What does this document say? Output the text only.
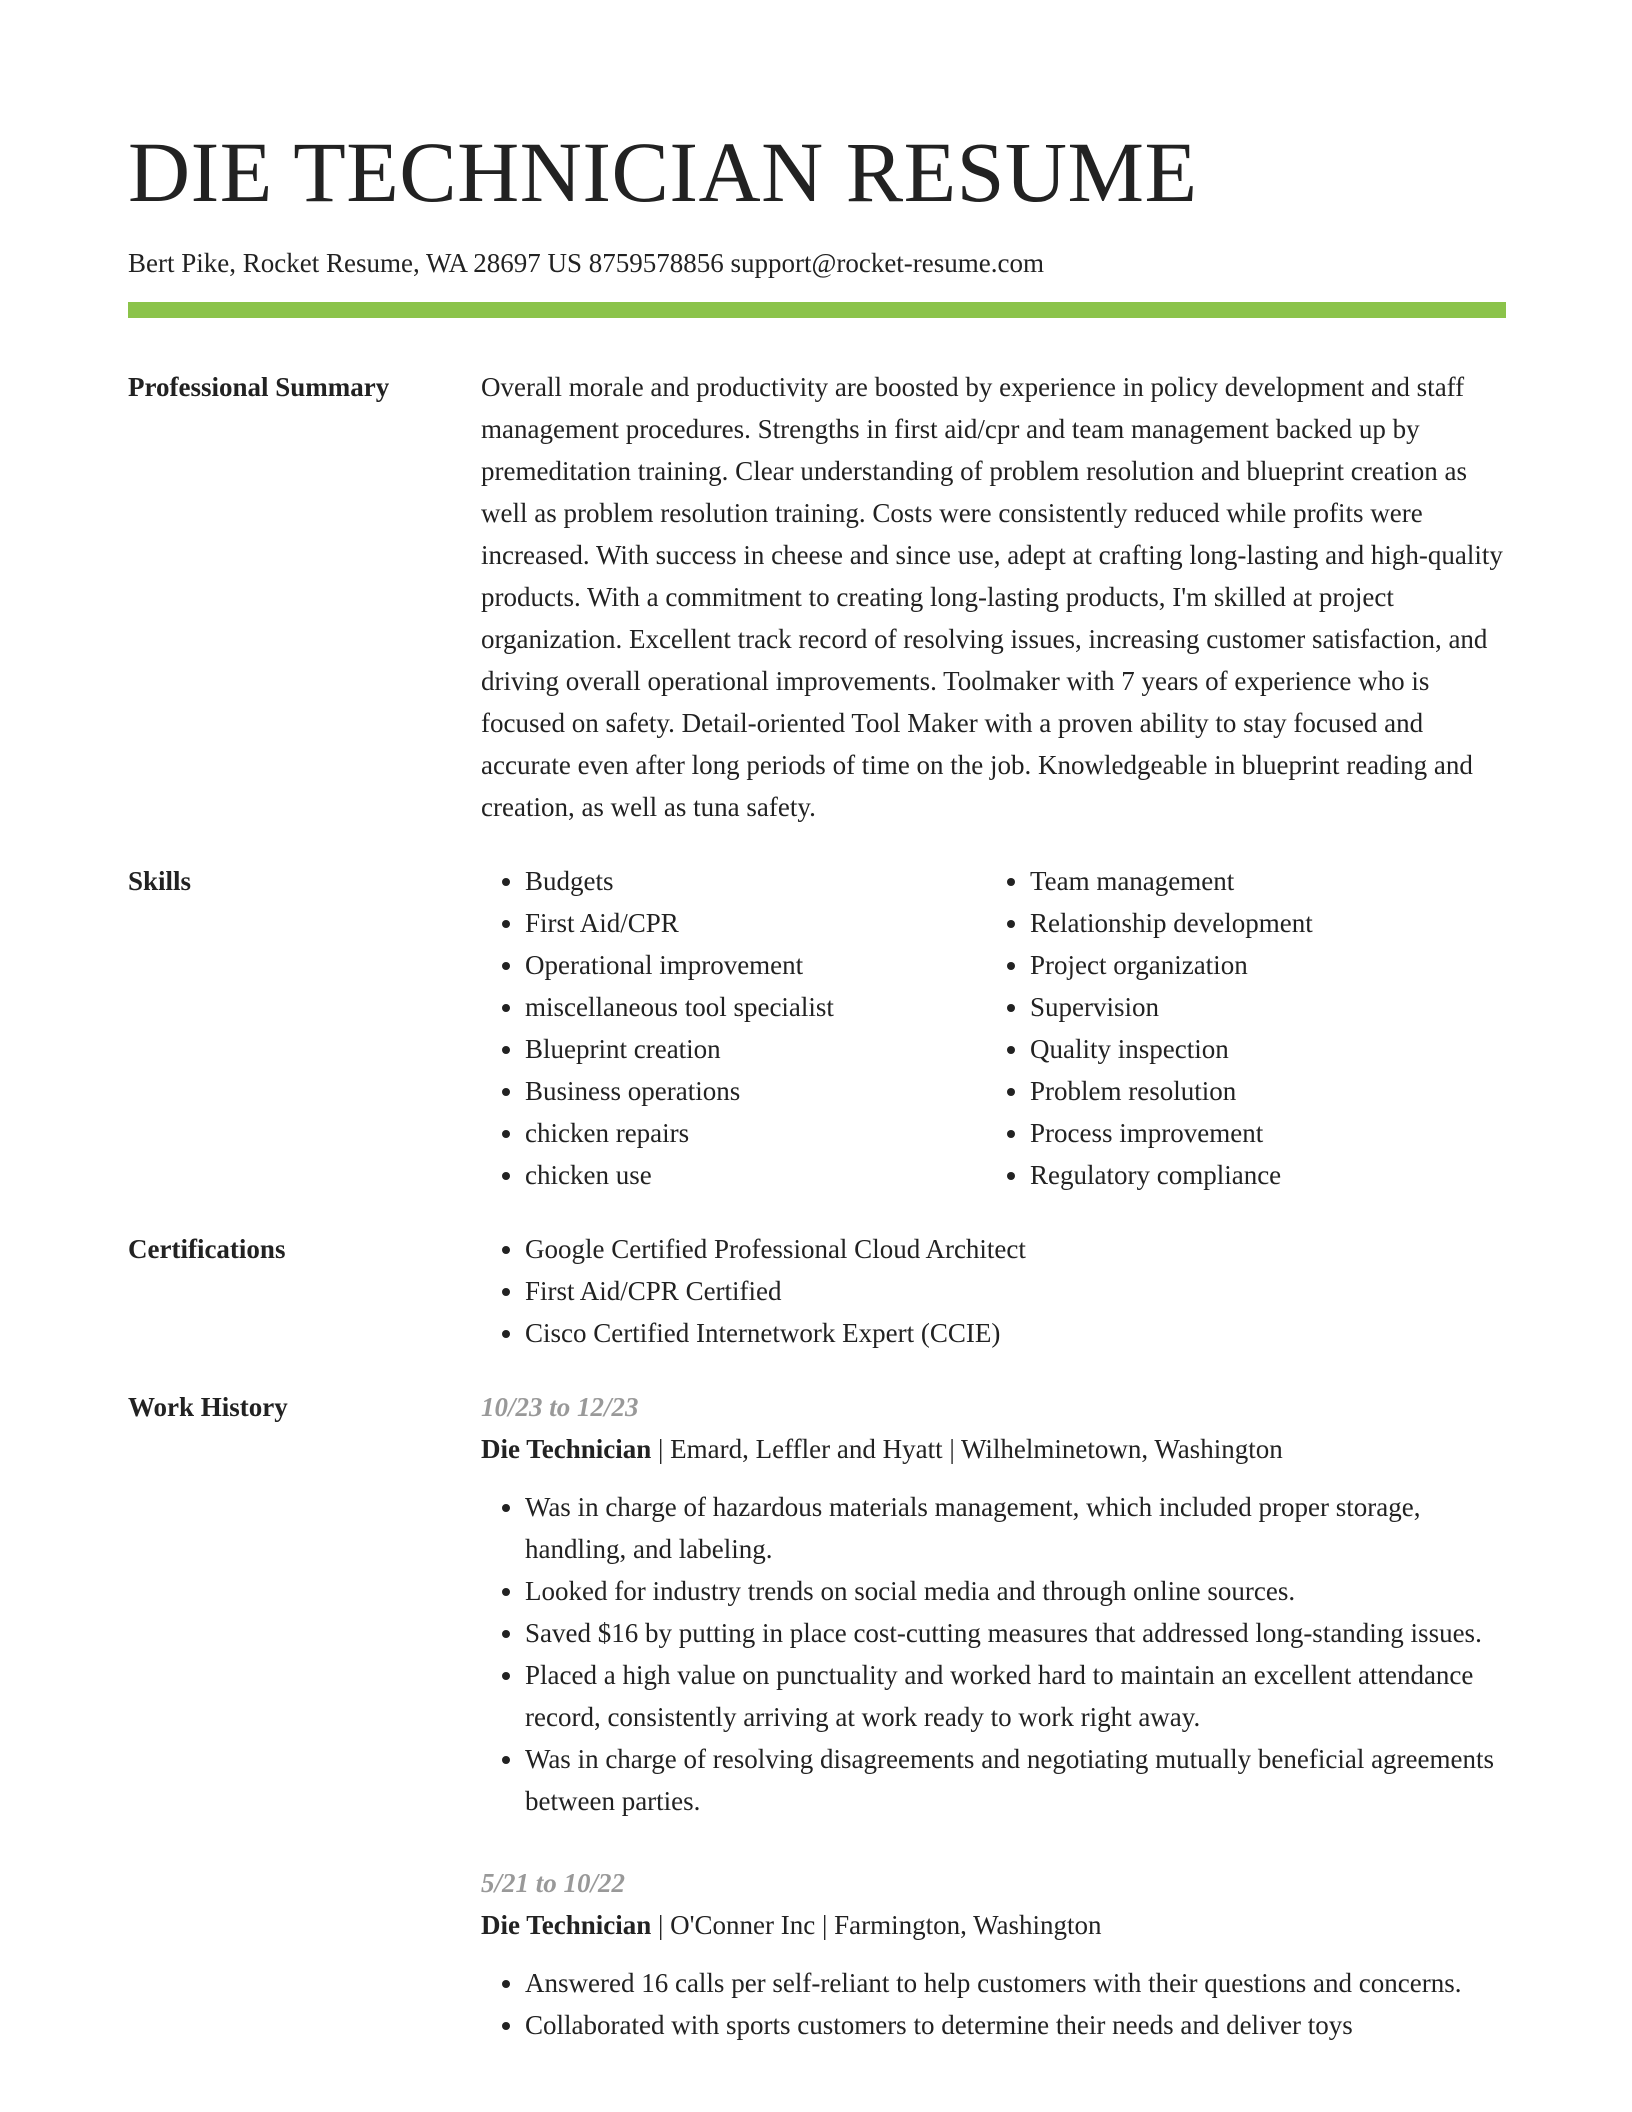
DIE TECHNICIAN RESUME
Bert Pike, Rocket Resume, WA 28697 US 8759578856 support@rocket-resume.com
Professional Summary	Overall morale and productivity are boosted by experience in policy development and staff management procedures. Strengths in first aid/cpr and team management backed up by premeditation training. Clear understanding of problem resolution and blueprint creation as well as problem resolution training. Costs were consistently reduced while profits were increased. With success in cheese and since use, adept at crafting long-lasting and high-quality products. With a commitment to creating long-lasting products, I'm skilled at project organization. Excellent track record of resolving issues, increasing customer satisfaction, and driving overall operational improvements. Toolmaker with 7 years of experience who is focused on safety. Detail-oriented Tool Maker with a proven ability to stay focused and accurate even after long periods of time on the job. Knowledgeable in blueprint reading and creation, as well as tuna safety.
Skills	• Budgets
• First Aid/CPR
• Operational improvement
• miscellaneous tool specialist
• Blueprint creation
• Business operations
• chicken repairs
• chicken use
• Team management
• Relationship development
• Project organization
• Supervision
• Quality inspection
• Problem resolution
• Process improvement
• Regulatory compliance
Certifications	• Google Certified Professional Cloud Architect
• First Aid/CPR Certified
• Cisco Certified Internetwork Expert (CCIE)
Work History	10/23 to 12/23
Die Technician | Emard, Leffler and Hyatt | Wilhelminetown, Washington
• Was in charge of hazardous materials management, which included proper storage, handling, and labeling.
• Looked for industry trends on social media and through online sources.
• Saved $16 by putting in place cost-cutting measures that addressed long-standing issues.
• Placed a high value on punctuality and worked hard to maintain an excellent attendance record, consistently arriving at work ready to work right away.
• Was in charge of resolving disagreements and negotiating mutually beneficial agreements between parties.
5/21 to 10/22
Die Technician | O'Conner Inc | Farmington, Washington
• Answered 16 calls per self-reliant to help customers with their questions and concerns.
• Collaborated with sports customers to determine their needs and deliver toys
